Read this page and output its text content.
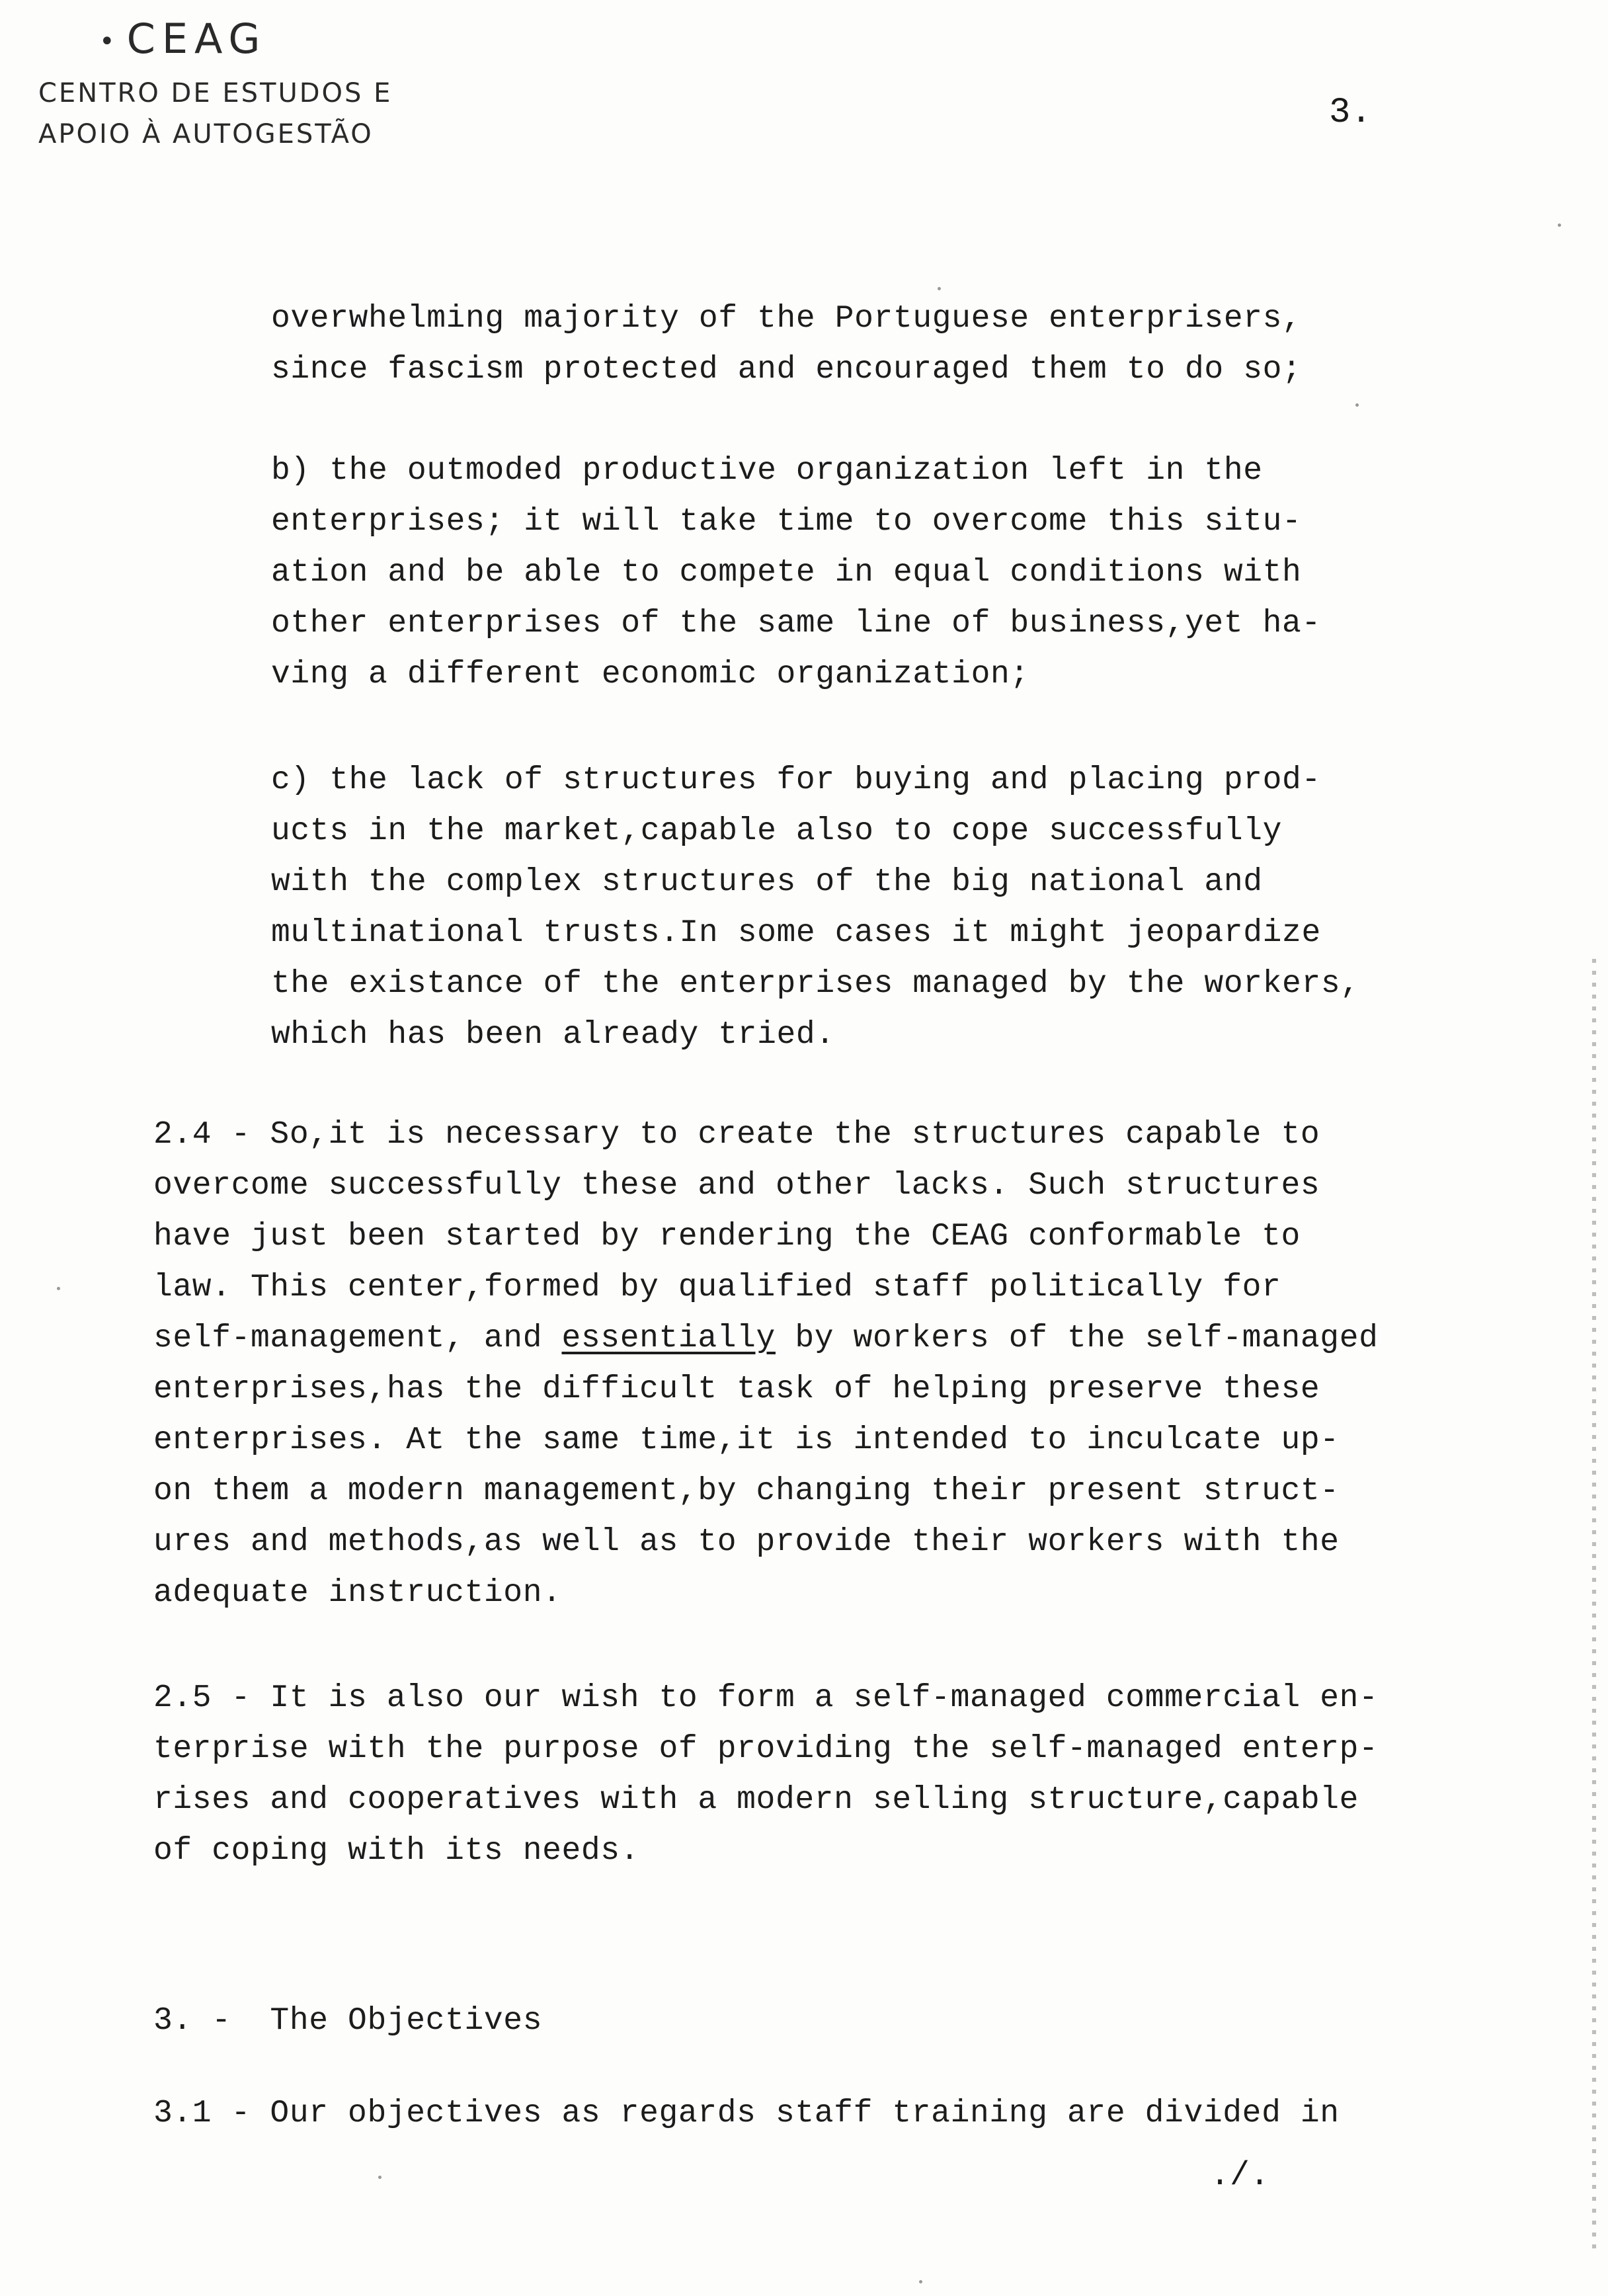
• CEAG
CENTRO DE ESTUDOS E
APOIO À AUTOGESTÃO
3.
overwhelming majority of the Portuguese enterprisers,
since fascism protected and encouraged them to do so;
b) the outmoded productive organization left in the
enterprises; it will take time to overcome this situ-
ation and be able to compete in equal conditions with
other enterprises of the same line of business,yet ha-
ving a different economic organization;
c) the lack of structures for buying and placing prod-
ucts in the market,capable also to cope successfully
with the complex structures of the big national and
multinational trusts.In some cases it might jeopardize
the existance of the enterprises managed by the workers,
which has been already tried.
2.4 - So,it is necessary to create the structures capable to
overcome successfully these and other lacks. Such structures
have just been started by rendering the CEAG conformable to
law. This center,formed by qualified staff politically for
self-management, and essentially by workers of the self-managed
enterprises,has the difficult task of helping preserve these
enterprises. At the same time,it is intended to inculcate up-
on them a modern management,by changing their present struct-
ures and methods,as well as to provide their workers with the
adequate instruction.
2.5 - It is also our wish to form a self-managed commercial en-
terprise with the purpose of providing the self-managed enterp-
rises and cooperatives with a modern selling structure,capable
of coping with its needs.
3. -  The Objectives
3.1 - Our objectives as regards staff training are divided in
./.
